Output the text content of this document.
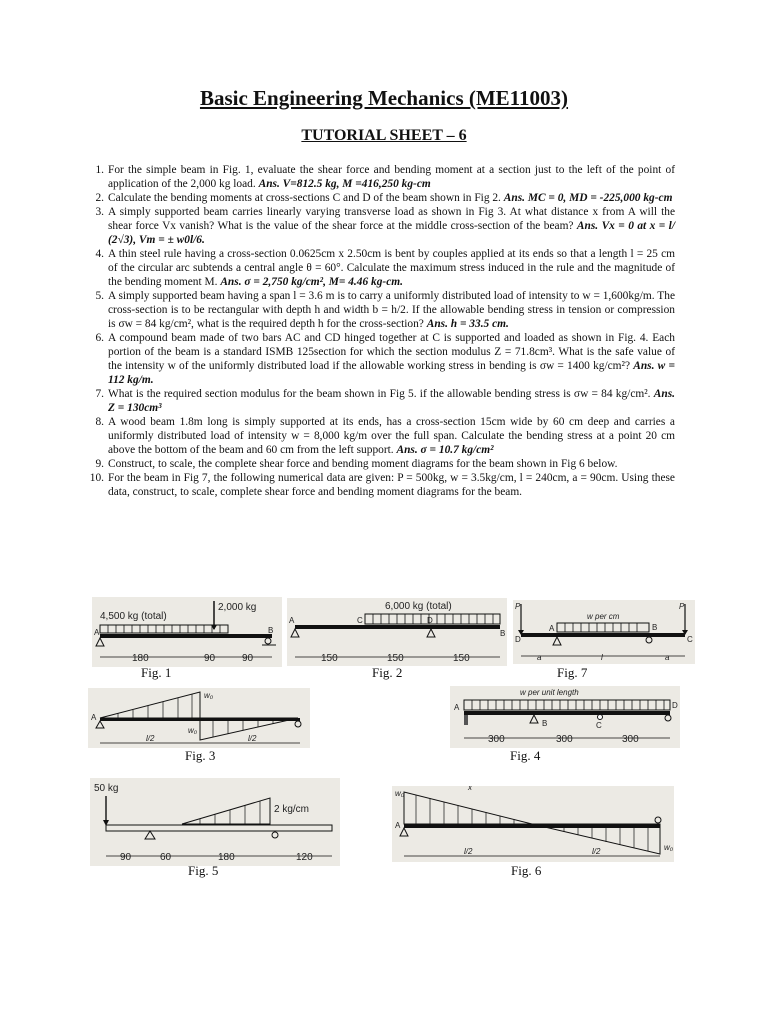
Basic Engineering Mechanics (ME11003)
TUTORIAL SHEET – 6
1. For the simple beam in Fig. 1, evaluate the shear force and bending moment at a section just to the left of the point of application of the 2,000 kg load. Ans. V=812.5 kg, M =416,250 kg-cm
2. Calculate the bending moments at cross-sections C and D of the beam shown in Fig 2. Ans. MC = 0, MD = -225,000 kg-cm
3. A simply supported beam carries linearly varying transverse load as shown in Fig 3. At what distance x from A will the shear force Vx vanish? What is the value of the shear force at the middle cross-section of the beam? Ans. Vx = 0 at x = l/ (2√3), Vm = ± w0l/6.
4. A thin steel rule having a cross-section 0.0625cm x 2.50cm is bent by couples applied at its ends so that a length l = 25 cm of the circular arc subtends a central angle θ = 60°. Calculate the maximum stress induced in the rule and the magnitude of the bending moment M. Ans. σ = 2,750 kg/cm², M= 4.46 kg-cm.
5. A simply supported beam having a span l = 3.6 m is to carry a uniformly distributed load of intensity to w = 1,600kg/m. The cross-section is to be rectangular with depth h and width b = h/2. If the allowable bending stress in tension or compression is σw = 84 kg/cm², what is the required depth h for the cross-section? Ans. h = 33.5 cm.
6. A compound beam made of two bars AC and CD hinged together at C is supported and loaded as shown in Fig. 4. Each portion of the beam is a standard ISMB 125section for which the section modulus Z = 71.8cm³. What is the safe value of the intensity w of the uniformly distributed load if the allowable working stress in bending is σw = 1400 kg/cm²? Ans. w = 112 kg/m.
7. What is the required section modulus for the beam shown in Fig 5. if the allowable bending stress is σw = 84 kg/cm². Ans. Z = 130cm³
8. A wood beam 1.8m long is simply supported at its ends, has a cross-section 15cm wide by 60 cm deep and carries a uniformly distributed load of intensity w = 8,000 kg/m over the full span. Calculate the bending stress at a point 20 cm above the bottom of the beam and 60 cm from the left support. Ans. σ = 10.7 kg/cm²
9. Construct, to scale, the complete shear force and bending moment diagrams for the beam shown in Fig 6 below.
10. For the beam in Fig 7, the following numerical data are given: P = 500kg, w = 3.5kg/cm, l = 240cm, a = 90cm. Using these data, construct, to scale, complete shear force and bending moment diagrams for the beam.
4,500 kg (total)
2,000 kg
A	B
180	90	90
Fig. 1
6,000 kg (total)
A	C	D
B
150	150	150
Fig. 2
P	P
w per cm
D
A	B
C
a	l	a
Fig. 7
A
w₀
w₀
l/2	l/2
Fig. 3
w per unit length
A
B	C
D
300	300	300
Fig. 4
50 kg
2 kg/cm
90	60	180	120
Fig. 5
w₀
w₀
A
x
l/2	l/2
Fig. 6
